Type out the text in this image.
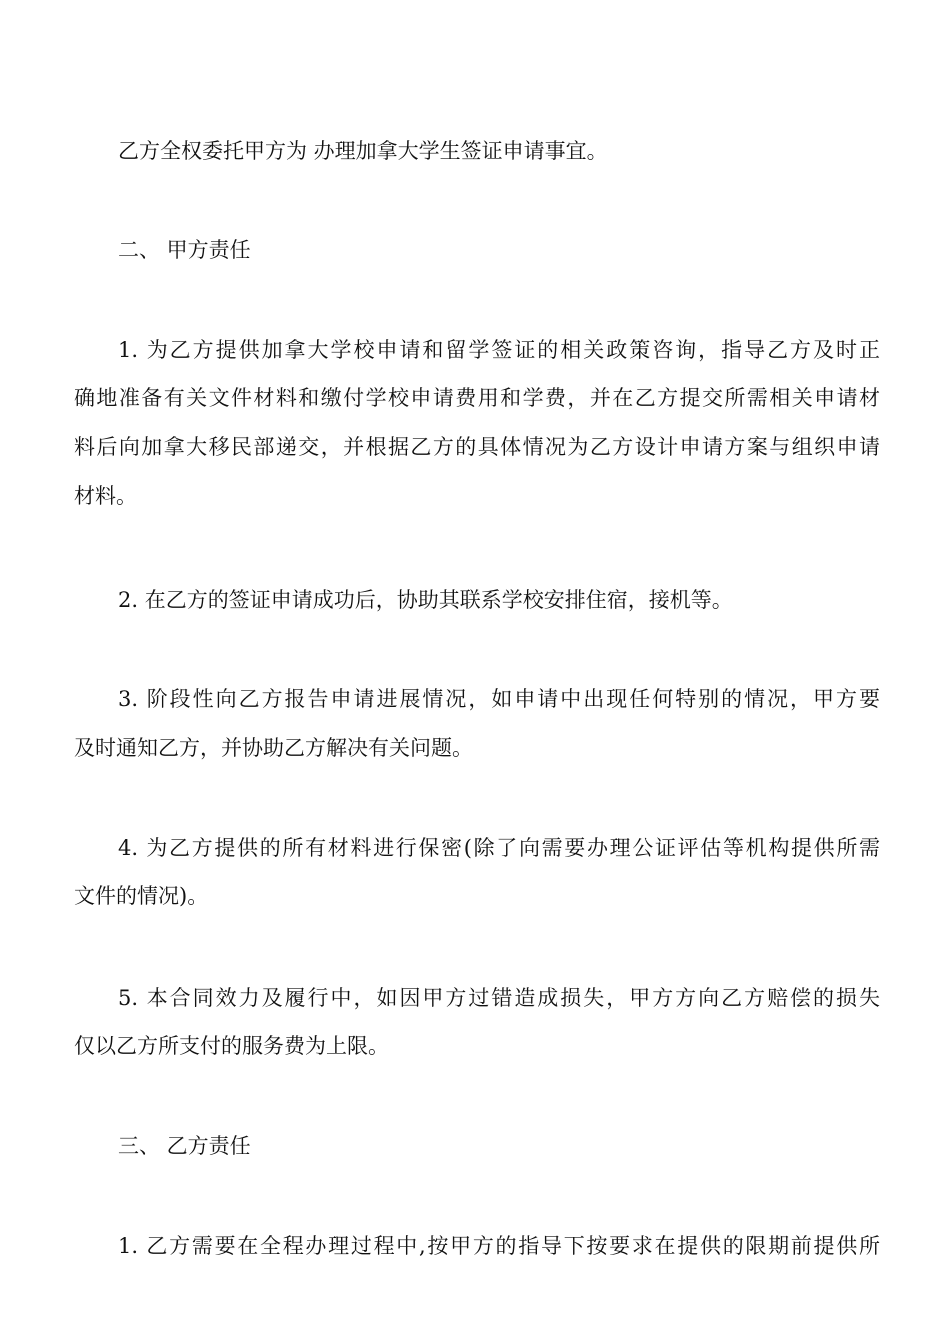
乙方全权委托甲方为 办理加拿大学生签证申请事宜。
二、 甲方责任
1. 为乙方提供加拿大学校申请和留学签证的相关政策咨询，指导乙方及时正
确地准备有关文件材料和缴付学校申请费用和学费，并在乙方提交所需相关申请材
料后向加拿大移民部递交，并根据乙方的具体情况为乙方设计申请方案与组织申请
材料。
2. 在乙方的签证申请成功后，协助其联系学校安排住宿，接机等。
3. 阶段性向乙方报告申请进展情况，如申请中出现任何特别的情况，甲方要
及时通知乙方，并协助乙方解决有关问题。
4. 为乙方提供的所有材料进行保密(除了向需要办理公证评估等机构提供所需
文件的情况)。
5. 本合同效力及履行中，如因甲方过错造成损失，甲方方向乙方赔偿的损失
仅以乙方所支付的服务费为上限。
三、 乙方责任
1. 乙方需要在全程办理过程中,按甲方的指导下按要求在提供的限期前提供所
